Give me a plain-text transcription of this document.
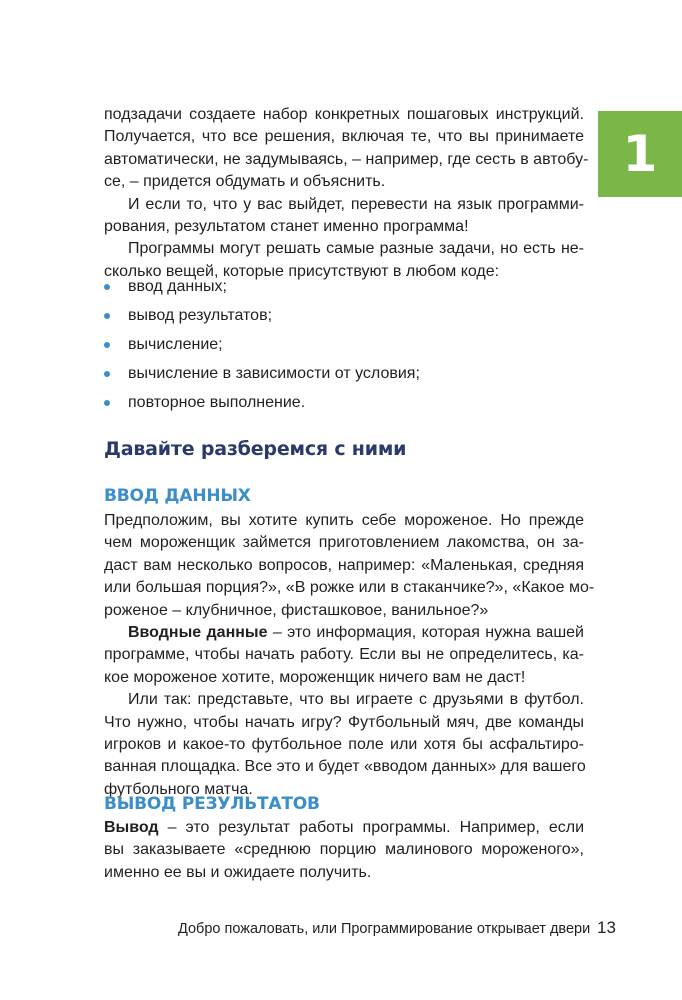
1
подзадачи создаете набор конкретных пошаговых инструкций.
Получается, что все решения, включая те, что вы принимаете
автоматически, не задумываясь, – например, где сесть в автобу-
се, – придется обдумать и объяснить.
И если то, что у вас выйдет, перевести на язык программи-
рования, результатом станет именно программа!
Программы могут решать самые разные задачи, но есть не-
сколько вещей, которые присутствуют в любом коде:
ввод данных;
вывод результатов;
вычисление;
вычисление в зависимости от условия;
повторное выполнение.
Давайте разберемся с ними
ВВОД ДАННЫХ
Предположим, вы хотите купить себе мороженое. Но прежде
чем мороженщик займется приготовлением лакомства, он за-
даст вам несколько вопросов, например: «Маленькая, средняя
или большая порция?», «В рожке или в стаканчике?», «Какое мо-
роженое – клубничное, фисташковое, ванильное?»
Вводные данные – это информация, которая нужна вашей
программе, чтобы начать работу. Если вы не определитесь, ка-
кое мороженое хотите, мороженщик ничего вам не даст!
Или так: представьте, что вы играете с друзьями в футбол.
Что нужно, чтобы начать игру? Футбольный мяч, две команды
игроков и какое-то футбольное поле или хотя бы асфальтиро-
ванная площадка. Все это и будет «вводом данных» для вашего
футбольного матча.
ВЫВОД РЕЗУЛЬТАТОВ
Вывод – это результат работы программы. Например, если
вы заказываете «среднюю порцию малинового мороженого»,
именно ее вы и ожидаете получить.
Добро пожаловать, или Программирование открывает двери 13
